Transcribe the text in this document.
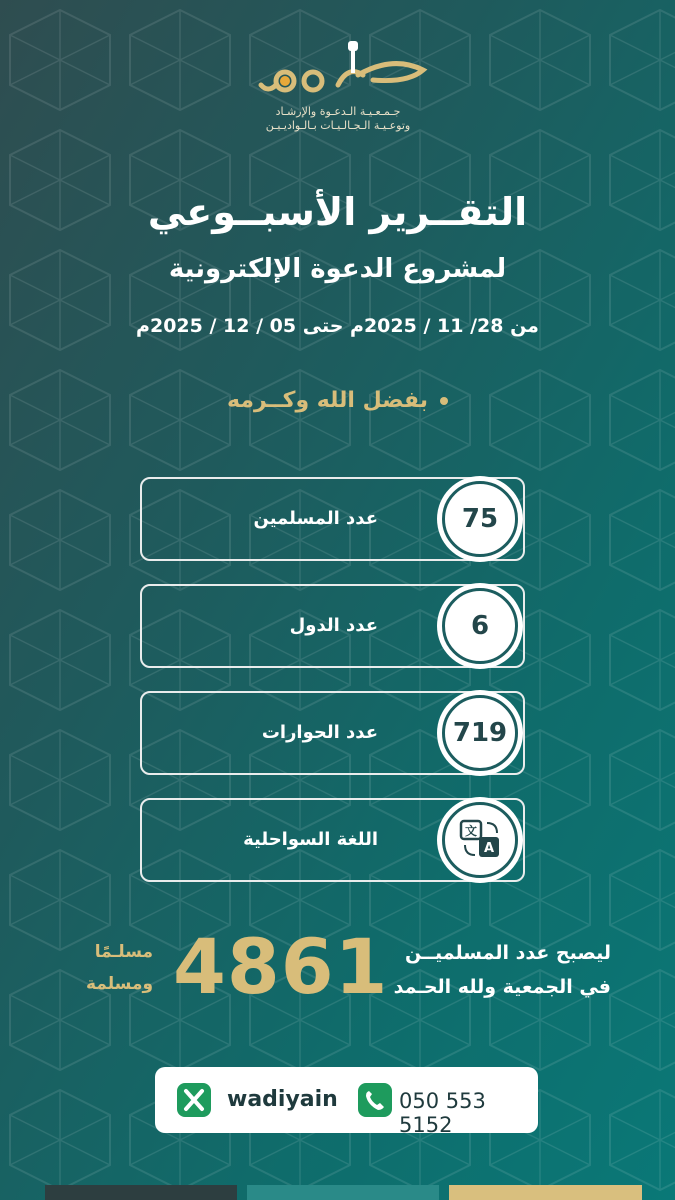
جـمـعـيـة الـدعـوة والإرشـاد
وتوعـيـة الـجـالـيـات بـالـواديـيـن
التقــرير الأسبــوعي
لمشروع الدعوة الإلكترونية
من 28/ 11 / 2025م حتى 05 / 12 / 2025م
بفضل الله وكــرمه
عدد المسلمين	75
عدد الدول	6
عدد الحوارات	719
اللغة السواحلية	文
A
ليصبح عدد المسلميــن
في الجمعية ولله الحـمد
4861
مسلـمًا
ومسلمة
wadiyain	050 553 5152
